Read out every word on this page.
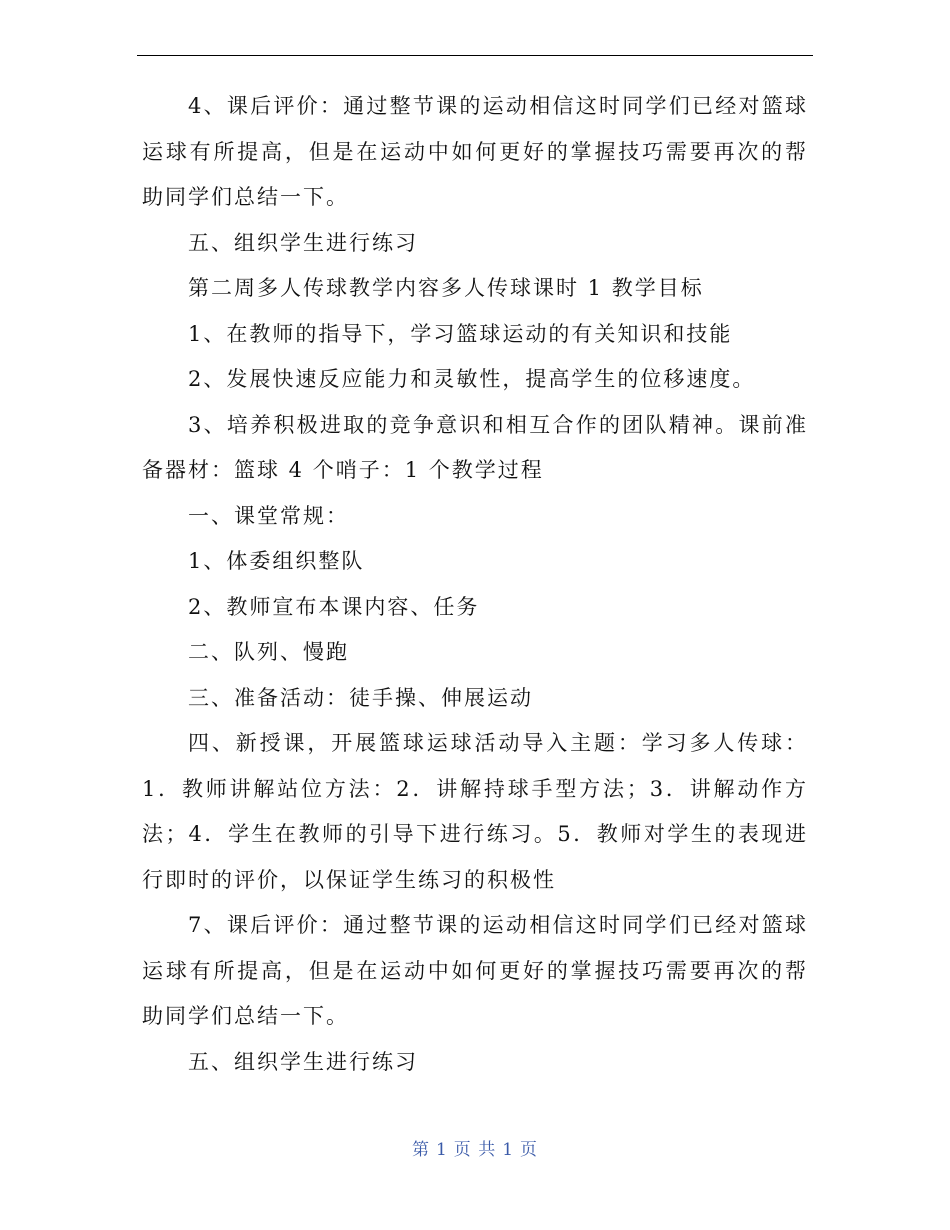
4、课后评价：通过整节课的运动相信这时同学们已经对篮球运球有所提高，但是在运动中如何更好的掌握技巧需要再次的帮助同学们总结一下。

五、组织学生进行练习

第二周多人传球教学内容多人传球课时 1 教学目标

1、在教师的指导下，学习篮球运动的有关知识和技能

2、发展快速反应能力和灵敏性，提高学生的位移速度。

3、培养积极进取的竞争意识和相互合作的团队精神。课前准备器材：篮球 4 个哨子：1 个教学过程

一、课堂常规：

1、体委组织整队

2、教师宣布本课内容、任务

二、队列、慢跑

三、准备活动：徒手操、伸展运动

四、新授课，开展篮球运球活动导入主题：学习多人传球：1．教师讲解站位方法：2．讲解持球手型方法；3．讲解动作方法；4．学生在教师的引导下进行练习。5．教师对学生的表现进行即时的评价，以保证学生练习的积极性

7、课后评价：通过整节课的运动相信这时同学们已经对篮球运球有所提高，但是在运动中如何更好的掌握技巧需要再次的帮助同学们总结一下。

五、组织学生进行练习

第 1 页 共 1 页
